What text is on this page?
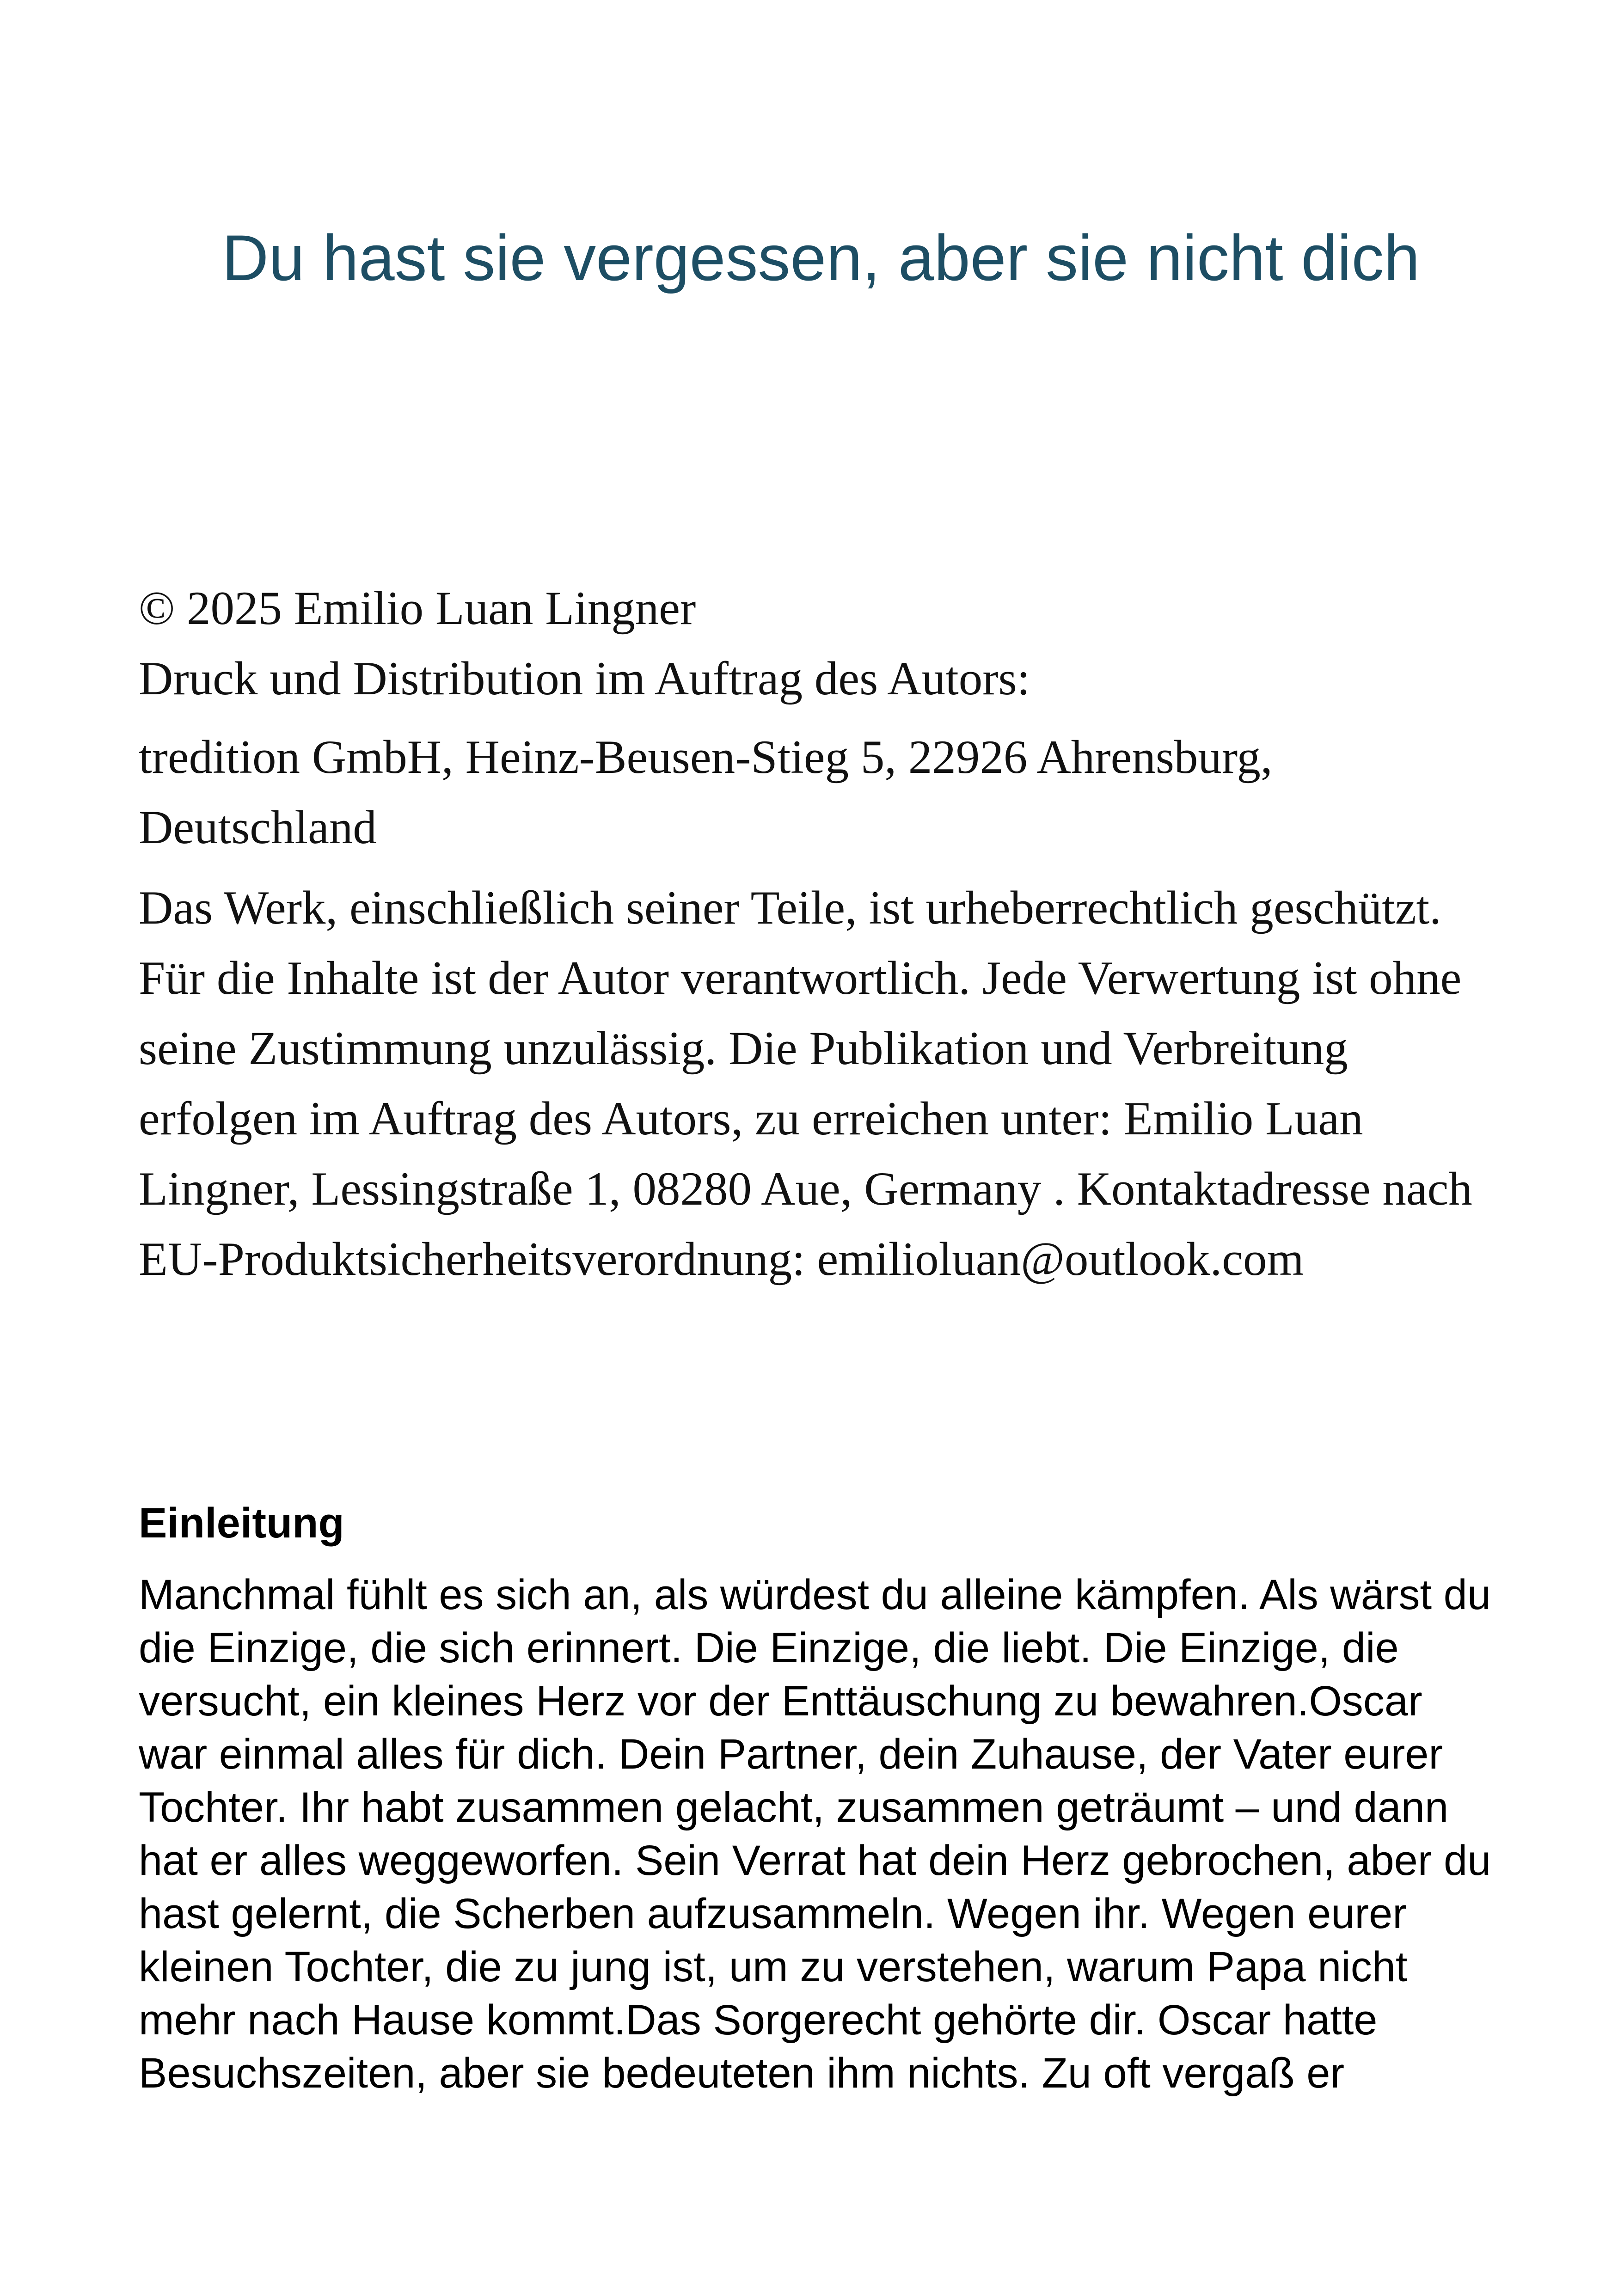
Du hast sie vergessen, aber sie nicht dich

© 2025 Emilio Luan Lingner

Druck und Distribution im Auftrag des Autors:

tredition GmbH, Heinz-Beusen-Stieg 5, 22926 Ahrensburg, Deutschland

Das Werk, einschließlich seiner Teile, ist urheberrechtlich geschützt. Für die Inhalte ist der Autor verantwortlich. Jede Verwertung ist ohne seine Zustimmung unzulässig. Die Publikation und Verbreitung erfolgen im Auftrag des Autors, zu erreichen unter: Emilio Luan Lingner, Lessingstraße 1, 08280 Aue, Germany . Kontaktadresse nach EU-Produktsicherheitsverordnung: emilioluan@outlook.com

Einleitung

Manchmal fühlt es sich an, als würdest du alleine kämpfen. Als wärst du die Einzige, die sich erinnert. Die Einzige, die liebt. Die Einzige, die versucht, ein kleines Herz vor der Enttäuschung zu bewahren.Oscar war einmal alles für dich. Dein Partner, dein Zuhause, der Vater eurer Tochter. Ihr habt zusammen gelacht, zusammen geträumt – und dann hat er alles weggeworfen. Sein Verrat hat dein Herz gebrochen, aber du hast gelernt, die Scherben aufzusammeln. Wegen ihr. Wegen eurer kleinen Tochter, die zu jung ist, um zu verstehen, warum Papa nicht mehr nach Hause kommt.Das Sorgerecht gehörte dir. Oscar hatte Besuchszeiten, aber sie bedeuteten ihm nichts. Zu oft vergaß er
